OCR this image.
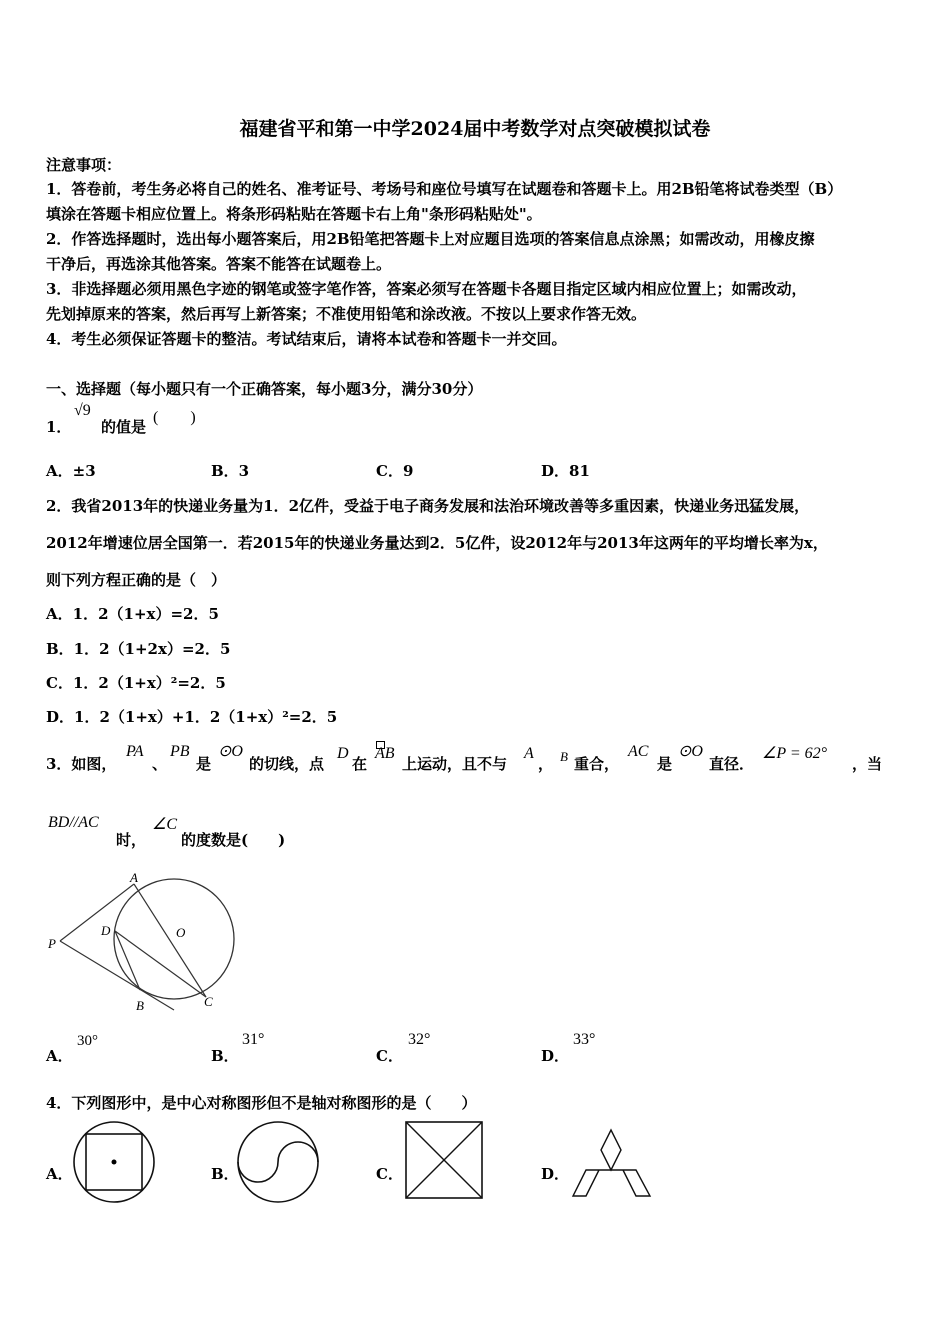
福建省平和第一中学2024届中考数学对点突破模拟试卷
注意事项：
1．答卷前，考生务必将自己的姓名、准考证号、考场号和座位号填写在试题卷和答题卡上。用2B铅笔将试卷类型（B）
填涂在答题卡相应位置上。将条形码粘贴在答题卡右上角"条形码粘贴处"。
2．作答选择题时，选出每小题答案后，用2B铅笔把答题卡上对应题目选项的答案信息点涂黑；如需改动，用橡皮擦
干净后，再选涂其他答案。答案不能答在试题卷上。
3．非选择题必须用黑色字迹的钢笔或签字笔作答，答案必须写在答题卡各题目指定区域内相应位置上；如需改动，
先划掉原来的答案，然后再写上新答案；不准使用铅笔和涂改液。不按以上要求作答无效。
4．考生必须保证答题卡的整洁。考试结束后，请将本试卷和答题卡一并交回。
一、选择题（每小题只有一个正确答案，每小题3分，满分30分）
1．
√9
的值是
(　　)
A．±3	B．3	C．9	D．81
2．我省2013年的快递业务量为1．2亿件，受益于电子商务发展和法治环境改善等多重因素，快递业务迅猛发展，
2012年增速位居全国第一．若2015年的快递业务量达到2．5亿件，设2012年与2013年这两年的平均增长率为x，
则下列方程正确的是（　）
A．1．2（1+x）=2．5
B．1．2（1+2x）=2．5
C．1．2（1+x）²=2．5
D．1．2（1+x）+1．2（1+x）²=2．5
3．如图，
PA
、
PB
是
⊙O
的切线，点
D
在
AB
上运动，且不与
A
， B 重合，
AC
是
⊙O
直径．
∠P = 62°
，当
BD//AC
时，
∠C
的度数是(　　)
A
O
D
P
B	C
A．
30°
B．
31°
C．
32°
D．
33°
4．下列图形中，是中心对称图形但不是轴对称图形的是（　　）
A．	B．	C．	D．
